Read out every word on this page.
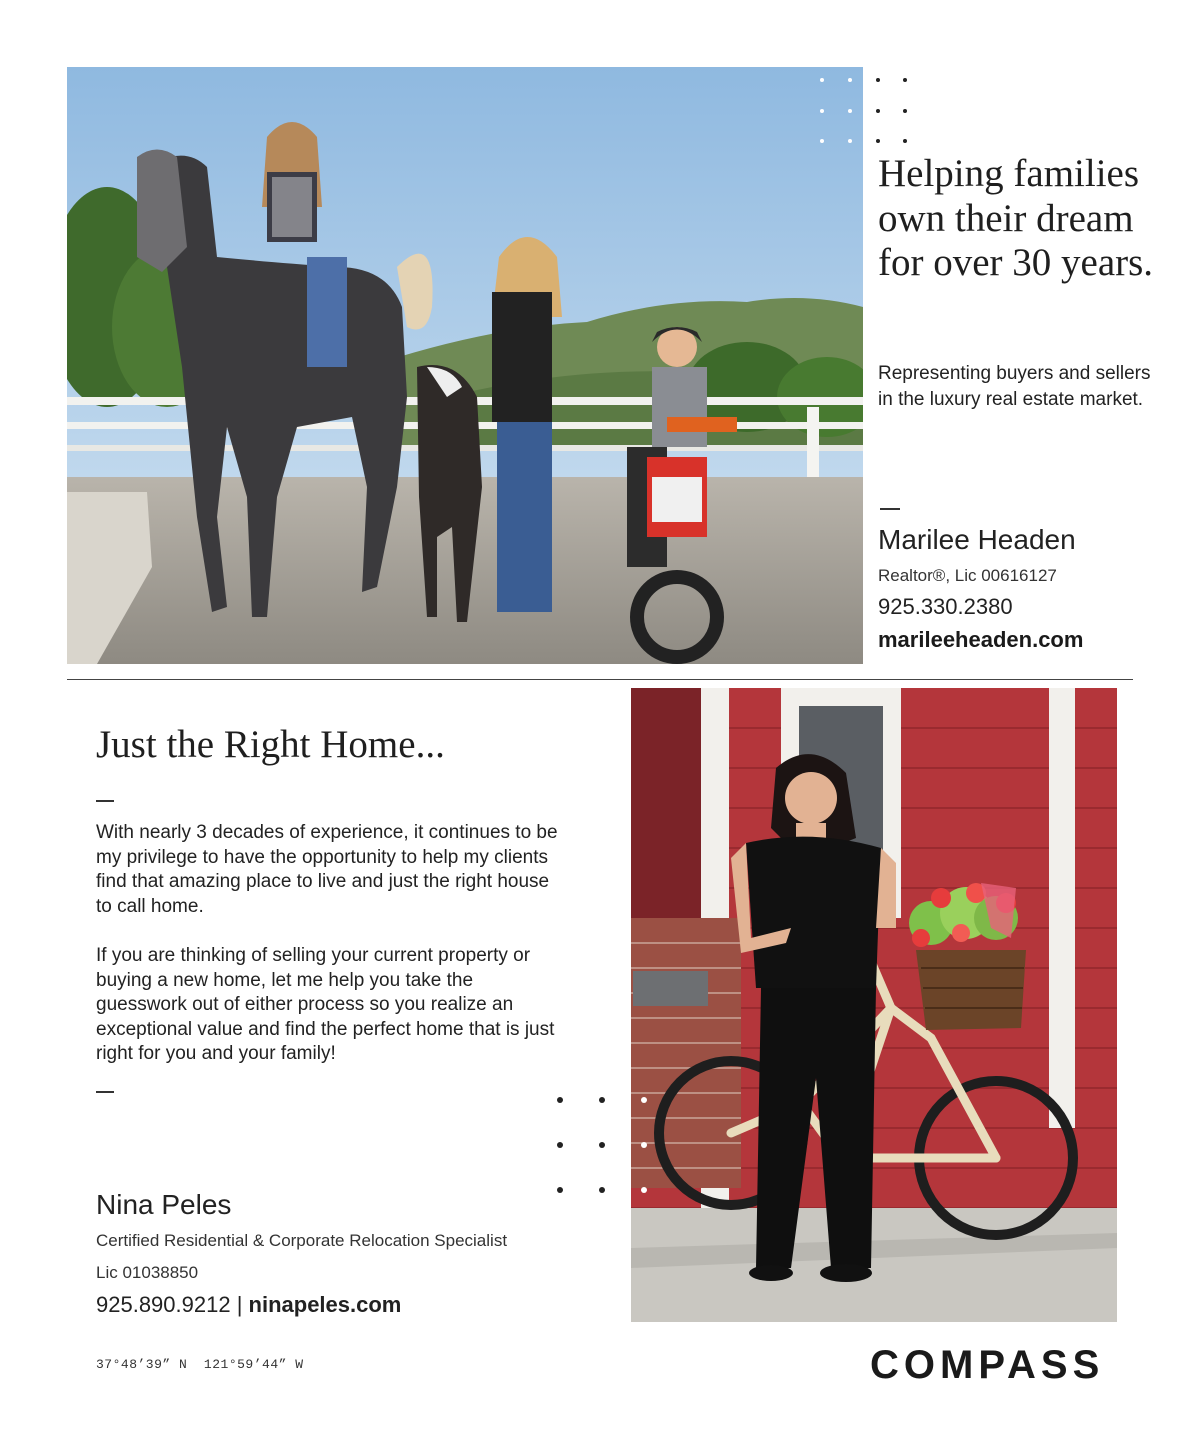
Helping families own their dream for over 30 years.
Representing buyers and sellers in the luxury real estate market.
Marilee Headen
Realtor®, Lic 00616127
925.330.2380
marileeheaden.com
Just the Right Home...
With nearly 3 decades of experience, it continues to be my privilege to have the opportunity to help my clients find that amazing place to live and just the right house to call home.
If you are thinking of selling your current property or buying a new home, let me help you take the guesswork out of either process so you realize an exceptional value and find the perfect home that is just right for you and your family!
Nina Peles
Certified Residential & Corporate Relocation Specialist
Lic 01038850
925.890.9212 | ninapeles.com
37°48’39” N  121°59’44” W	COMPASS
